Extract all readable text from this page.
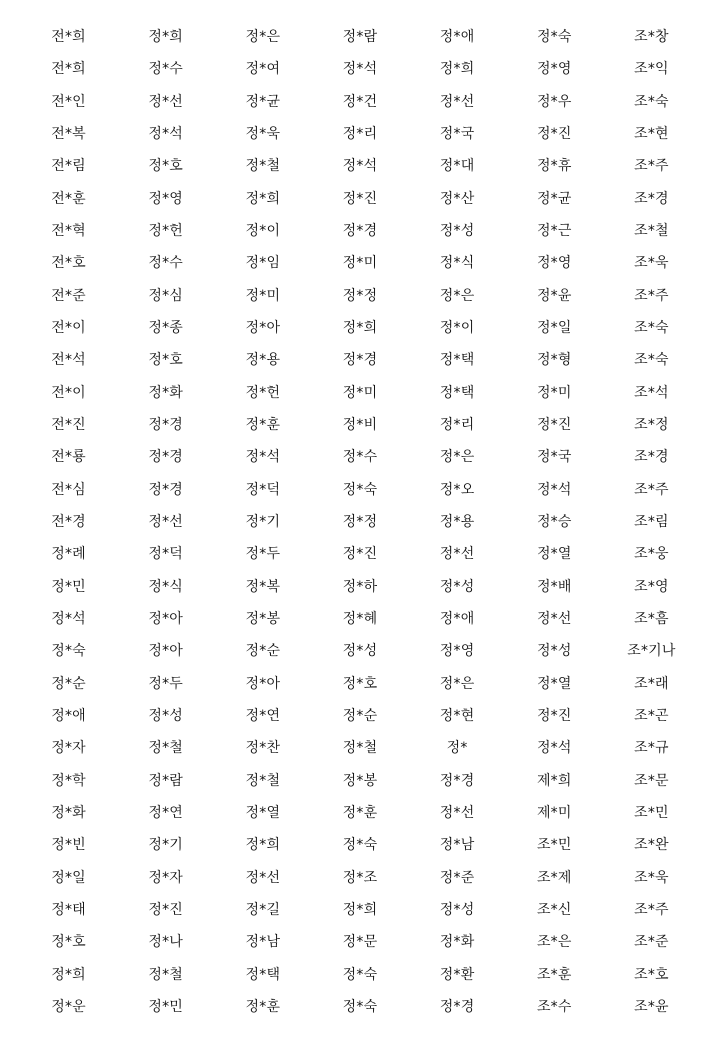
전*희	정*희	정*은	정*람	정*애	정*숙	조*창
전*희	정*수	정*여	정*석	정*희	정*영	조*익
전*인	정*선	정*균	정*건	정*선	정*우	조*숙
전*복	정*석	정*욱	정*리	정*국	정*진	조*현
전*림	정*호	정*철	정*석	정*대	정*휴	조*주
전*훈	정*영	정*희	정*진	정*산	정*균	조*경
전*혁	정*헌	정*이	정*경	정*성	정*근	조*철
전*호	정*수	정*임	정*미	정*식	정*영	조*욱
전*준	정*심	정*미	정*정	정*은	정*윤	조*주
전*이	정*종	정*아	정*희	정*이	정*일	조*숙
전*석	정*호	정*용	정*경	정*택	정*형	조*숙
전*이	정*화	정*헌	정*미	정*택	정*미	조*석
전*진	정*경	정*훈	정*비	정*리	정*진	조*정
전*룡	정*경	정*석	정*수	정*은	정*국	조*경
전*심	정*경	정*덕	정*숙	정*오	정*석	조*주
전*경	정*선	정*기	정*정	정*용	정*승	조*림
정*례	정*덕	정*두	정*진	정*선	정*열	조*웅
정*민	정*식	정*복	정*하	정*성	정*배	조*영
정*석	정*아	정*봉	정*혜	정*애	정*선	조*흠
정*숙	정*아	정*순	정*성	정*영	정*성	조*기나
정*순	정*두	정*아	정*호	정*은	정*열	조*래
정*애	정*성	정*연	정*순	정*현	정*진	조*곤
정*자	정*철	정*찬	정*철	정*	정*석	조*규
정*학	정*람	정*철	정*봉	정*경	제*희	조*문
정*화	정*연	정*열	정*훈	정*선	제*미	조*민
정*빈	정*기	정*희	정*숙	정*남	조*민	조*완
정*일	정*자	정*선	정*조	정*준	조*제	조*욱
정*태	정*진	정*길	정*희	정*성	조*신	조*주
정*호	정*나	정*남	정*문	정*화	조*은	조*준
정*희	정*철	정*택	정*숙	정*환	조*훈	조*호
정*운	정*민	정*훈	정*숙	정*경	조*수	조*윤
